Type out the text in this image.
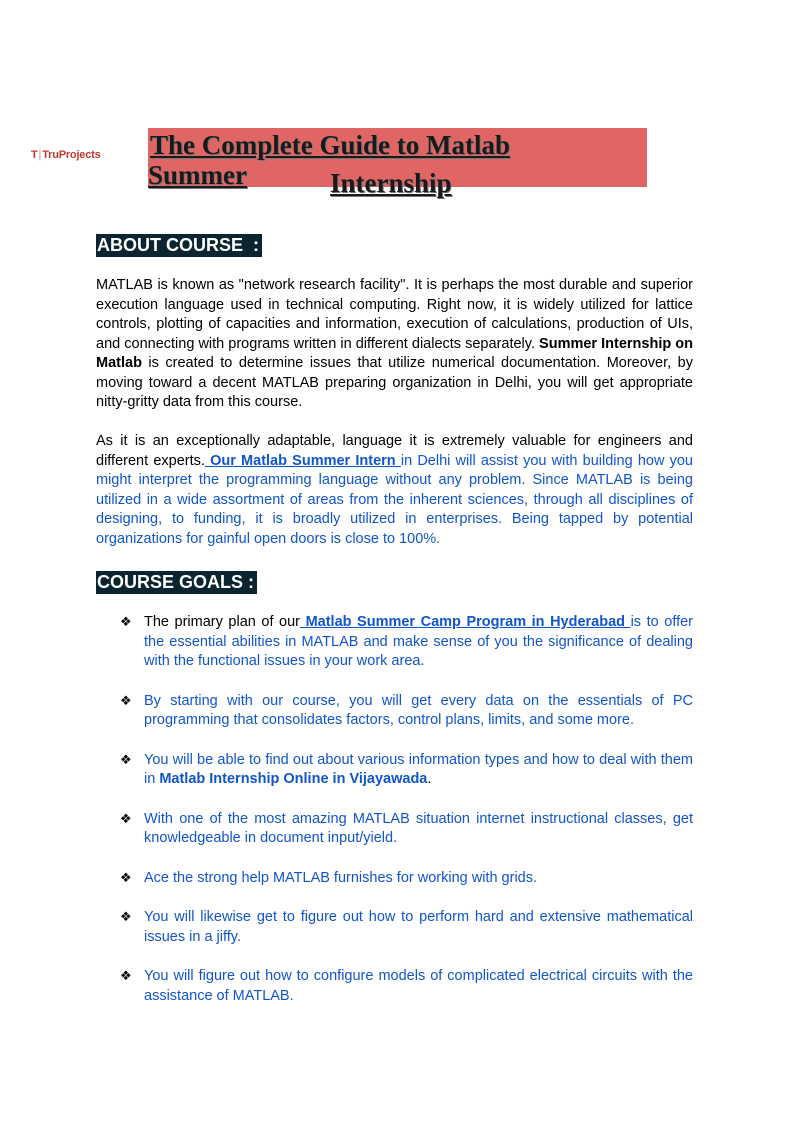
T|TruProjects The Complete Guide to Matlab
Summer	Internship
ABOUT COURSE  :
MATLAB is known as "network research facility". It is perhaps the most durable and superior execution language used in technical computing. Right now, it is widely utilized for lattice controls, plotting of capacities and information, execution of calculations, production of UIs, and connecting with programs written in different dialects separately. Summer Internship on Matlab is created to determine issues that utilize numerical documentation. Moreover, by moving toward a decent MATLAB preparing organization in Delhi, you will get appropriate nitty-gritty data from this course.
As it is an exceptionally adaptable, language it is extremely valuable for engineers and different experts. Our Matlab Summer Intern in Delhi will assist you with building how you might interpret the programming language without any problem. Since MATLAB is being utilized in a wide assortment of areas from the inherent sciences, through all disciplines of designing, to funding, it is broadly utilized in enterprises. Being tapped by potential organizations for gainful open doors is close to 100%.
COURSE GOALS :
❖ The primary plan of our Matlab Summer Camp Program in Hyderabad is to offer the essential abilities in MATLAB and make sense of you the significance of dealing with the functional issues in your work area.
❖ By starting with our course, you will get every data on the essentials of PC programming that consolidates factors, control plans, limits, and some more.
❖ You will be able to find out about various information types and how to deal with them in Matlab Internship Online in Vijayawada.
❖ With one of the most amazing MATLAB situation internet instructional classes, get knowledgeable in document input/yield.
❖ Ace the strong help MATLAB furnishes for working with grids.
❖ You will likewise get to figure out how to perform hard and extensive mathematical issues in a jiffy.
❖ You will figure out how to configure models of complicated electrical circuits with the assistance of MATLAB.
